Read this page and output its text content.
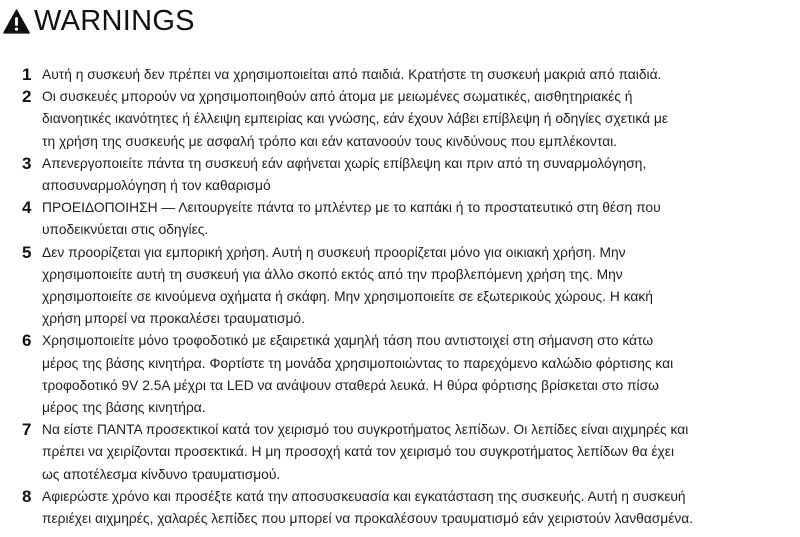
WARNINGS
1 Αυτή η συσκευή δεν πρέπει να χρησιμοποιείται από παιδιά. Κρατήστε τη συσκευή μακριά από παιδιά.
2 Οι συσκευές μπορούν να χρησιμοποιηθούν από άτομα με μειωμένες σωματικές, αισθητηριακές ή
διανοητικές ικανότητες ή έλλειψη εμπειρίας και γνώσης, εάν έχουν λάβει επίβλεψη ή οδηγίες σχετικά με
τη χρήση της συσκευής με ασφαλή τρόπο και εάν κατανοούν τους κινδύνους που εμπλέκονται.
3 Απενεργοποιείτε πάντα τη συσκευή εάν αφήνεται χωρίς επίβλεψη και πριν από τη συναρμολόγηση,
αποσυναρμολόγηση ή τον καθαρισμό
4 ΠΡΟΕΙΔΟΠΟΙΗΣΗ — Λειτουργείτε πάντα το μπλέντερ με το καπάκι ή το προστατευτικό στη θέση που
υποδεικνύεται στις οδηγίες.
5 Δεν προορίζεται για εμπορική χρήση. Αυτή η συσκευή προορίζεται μόνο για οικιακή χρήση. Μην
χρησιμοποιείτε αυτή τη συσκευή για άλλο σκοπό εκτός από την προβλεπόμενη χρήση της. Μην
χρησιμοποιείτε σε κινούμενα οχήματα ή σκάφη. Μην χρησιμοποιείτε σε εξωτερικούς χώρους. Η κακή
χρήση μπορεί να προκαλέσει τραυματισμό.
6 Χρησιμοποιείτε μόνο τροφοδοτικό με εξαιρετικά χαμηλή τάση που αντιστοιχεί στη σήμανση στο κάτω
μέρος της βάσης κινητήρα. Φορτίστε τη μονάδα χρησιμοποιώντας το παρεχόμενο καλώδιο φόρτισης και
τροφοδοτικό 9V 2.5A μέχρι τα LED να ανάψουν σταθερά λευκά. Η θύρα φόρτισης βρίσκεται στο πίσω
μέρος της βάσης κινητήρα.
7 Να είστε ΠΑΝΤΑ προσεκτικοί κατά τον χειρισμό του συγκροτήματος λεπίδων. Οι λεπίδες είναι αιχμηρές και
πρέπει να χειρίζονται προσεκτικά. Η μη προσοχή κατά τον χειρισμό του συγκροτήματος λεπίδων θα έχει
ως αποτέλεσμα κίνδυνο τραυματισμού.
8 Αφιερώστε χρόνο και προσέξτε κατά την αποσυσκευασία και εγκατάσταση της συσκευής. Αυτή η συσκευή
περιέχει αιχμηρές, χαλαρές λεπίδες που μπορεί να προκαλέσουν τραυματισμό εάν χειριστούν λανθασμένα.
